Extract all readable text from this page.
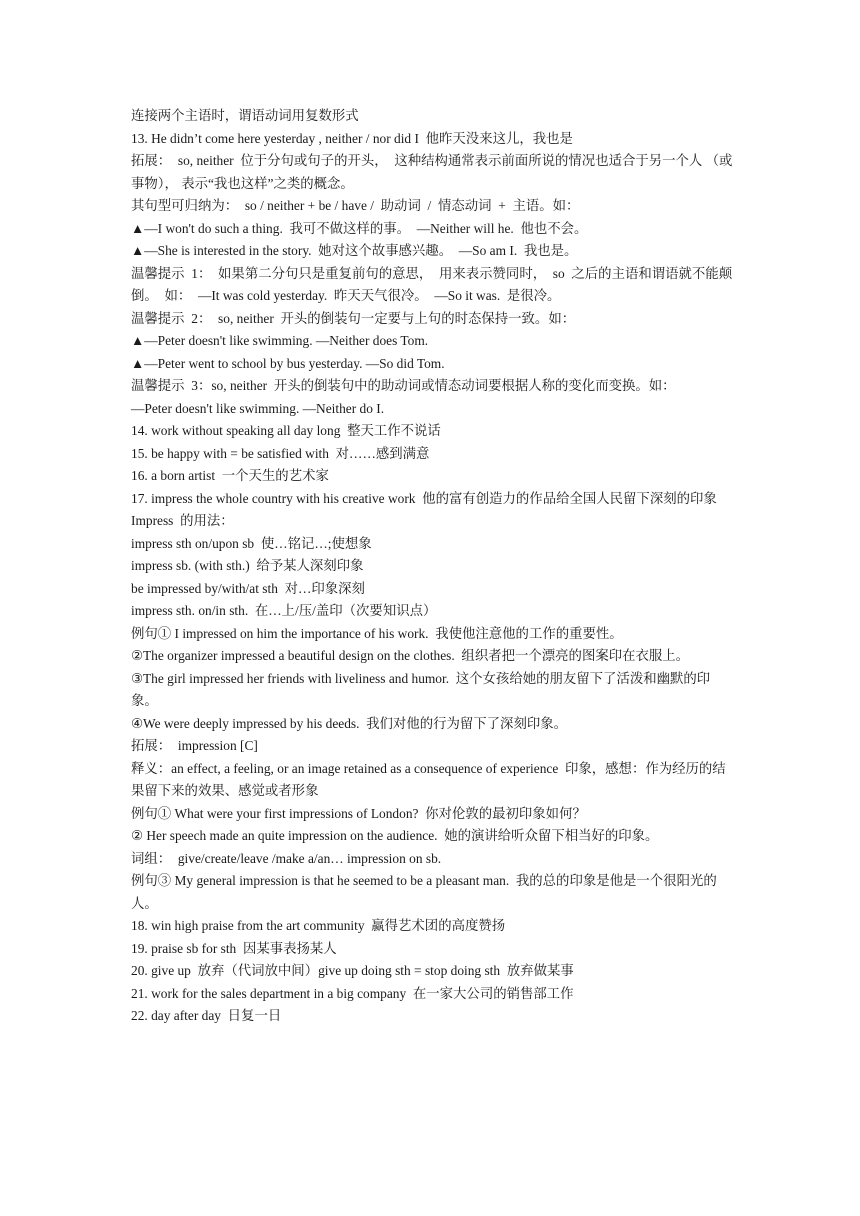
连接两个主语时，谓语动词用复数形式

13. He didn’t come here yesterday , neither / nor did I  他昨天没来这儿，我也是

拓展：  so, neither  位于分句或句子的开头，  这种结构通常表示前面所说的情况也适合于另一个人 （或事物）， 表示“我也这样”之类的概念。

其句型可归纳为：  so / neither + be / have /  助动词  /  情态动词  +  主语。如：

▲—I won't do such a thing.  我可不做这样的事。  —Neither will he.  他也不会。

▲—She is interested in the story.  她对这个故事感兴趣。  —So am I.  我也是。

温馨提示  1：  如果第二分句只是重复前句的意思，  用来表示赞同时，  so  之后的主语和谓语就不能颠倒。  如：  —It was cold yesterday.  昨天天气很冷。  —So it was.  是很冷。

温馨提示  2：  so, neither  开头的倒装句一定要与上句的时态保持一致。如：

▲—Peter doesn't like swimming. —Neither does Tom.

▲—Peter went to school by bus yesterday. —So did Tom.

温馨提示  3：so, neither  开头的倒装句中的助动词或情态动词要根据人称的变化而变换。如：

—Peter doesn't like swimming. —Neither do I.

14. work without speaking all day long  整天工作不说话

15. be happy with = be satisfied with  对……感到满意

16. a born artist  一个天生的艺术家

17. impress the whole country with his creative work  他的富有创造力的作品给全国人民留下深刻的印象

Impress  的用法：

impress sth on/upon sb  使…铭记…;使想象

impress sb. (with sth.)  给予某人深刻印象

be impressed by/with/at sth  对…印象深刻

impress sth. on/in sth.  在…上/压/盖印（次要知识点）

例句① I impressed on him the importance of his work.  我使他注意他的工作的重要性。

②The organizer impressed a beautiful design on the clothes.  组织者把一个漂亮的图案印在衣服上。

③The girl impressed her friends with liveliness and humor.  这个女孩给她的朋友留下了活泼和幽默的印象。

④We were deeply impressed by his deeds.  我们对他的行为留下了深刻印象。

拓展：  impression [C]

释义：an effect, a feeling, or an image retained as a consequence of experience  印象，感想：作为经历的结果留下来的效果、感觉或者形象

例句① What were your first impressions of London?  你对伦敦的最初印象如何？

② Her speech made an quite impression on the audience.  她的演讲给听众留下相当好的印象。

词组：  give/create/leave /make a/an… impression on sb.

例句③ My general impression is that he seemed to be a pleasant man.  我的总的印象是他是一个很阳光的人。

18. win high praise from the art community  赢得艺术团的高度赞扬

19. praise sb for sth  因某事表扬某人

20. give up  放弃（代词放中间）give up doing sth = stop doing sth  放弃做某事

21. work for the sales department in a big company  在一家大公司的销售部工作

22. day after day  日复一日
